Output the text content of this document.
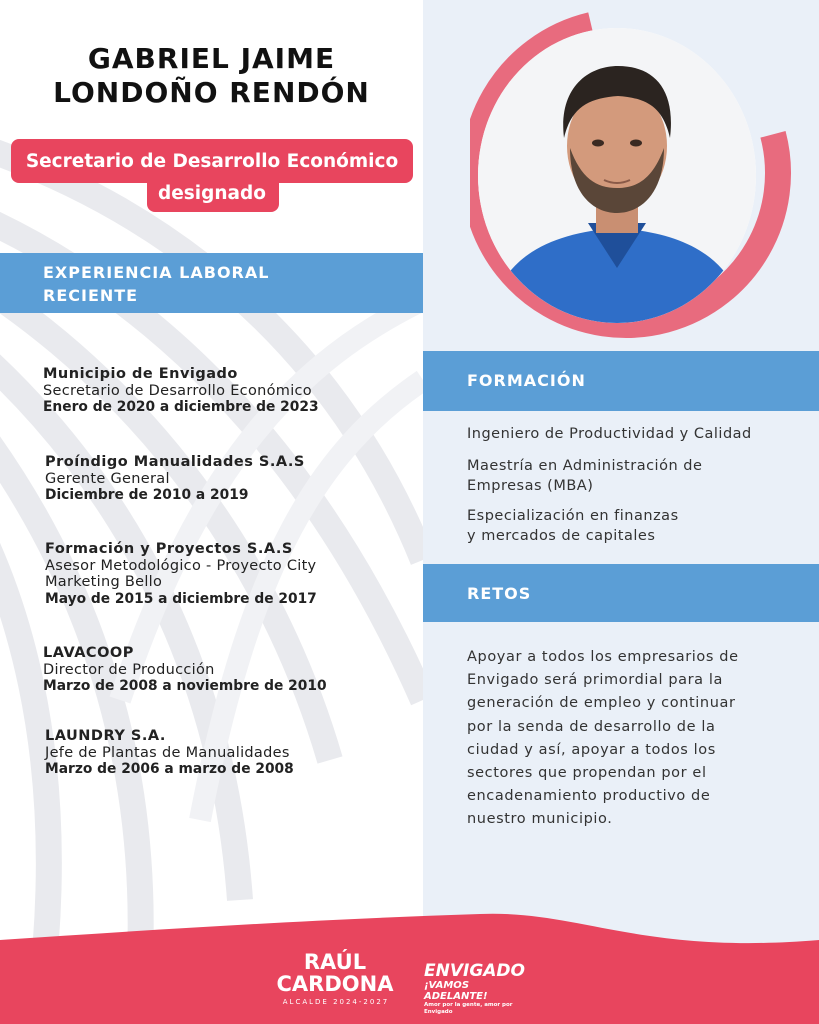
GABRIEL JAIME
LONDOÑO RENDÓN

Secretario de Desarrollo Económico
designado

EXPERIENCIA LABORAL
RECIENTE
Municipio de Envigado
Secretario de Desarrollo Económico
Enero de 2020 a diciembre de 2023
Proíndigo Manualidades S.A.S
Gerente General
Diciembre de 2010 a 2019
Formación y Proyectos S.A.S
Asesor Metodológico - Proyecto City
Marketing Bello
Mayo de 2015 a diciembre de 2017
LAVACOOP
Director de Producción
Marzo de 2008 a noviembre de 2010
LAUNDRY S.A.
Jefe de Plantas de Manualidades
Marzo de 2006 a marzo de 2008
FORMACIÓN
Ingeniero de Productividad y Calidad
Maestría en Administración de
Empresas (MBA)
Especialización en finanzas
y mercados de capitales
RETOS

Apoyar a todos los empresarios de
Envigado será primordial para la
generación de empleo y continuar
por la senda de desarrollo de la
ciudad y así, apoyar a todos los
sectores que propendan por el
encadenamiento productivo de
nuestro municipio.

RAÚL
CARDONA
ALCALDE 2024-2027
ENVIGADO
¡VAMOS ADELANTE!
Amor por la gente, amor por Envigado
